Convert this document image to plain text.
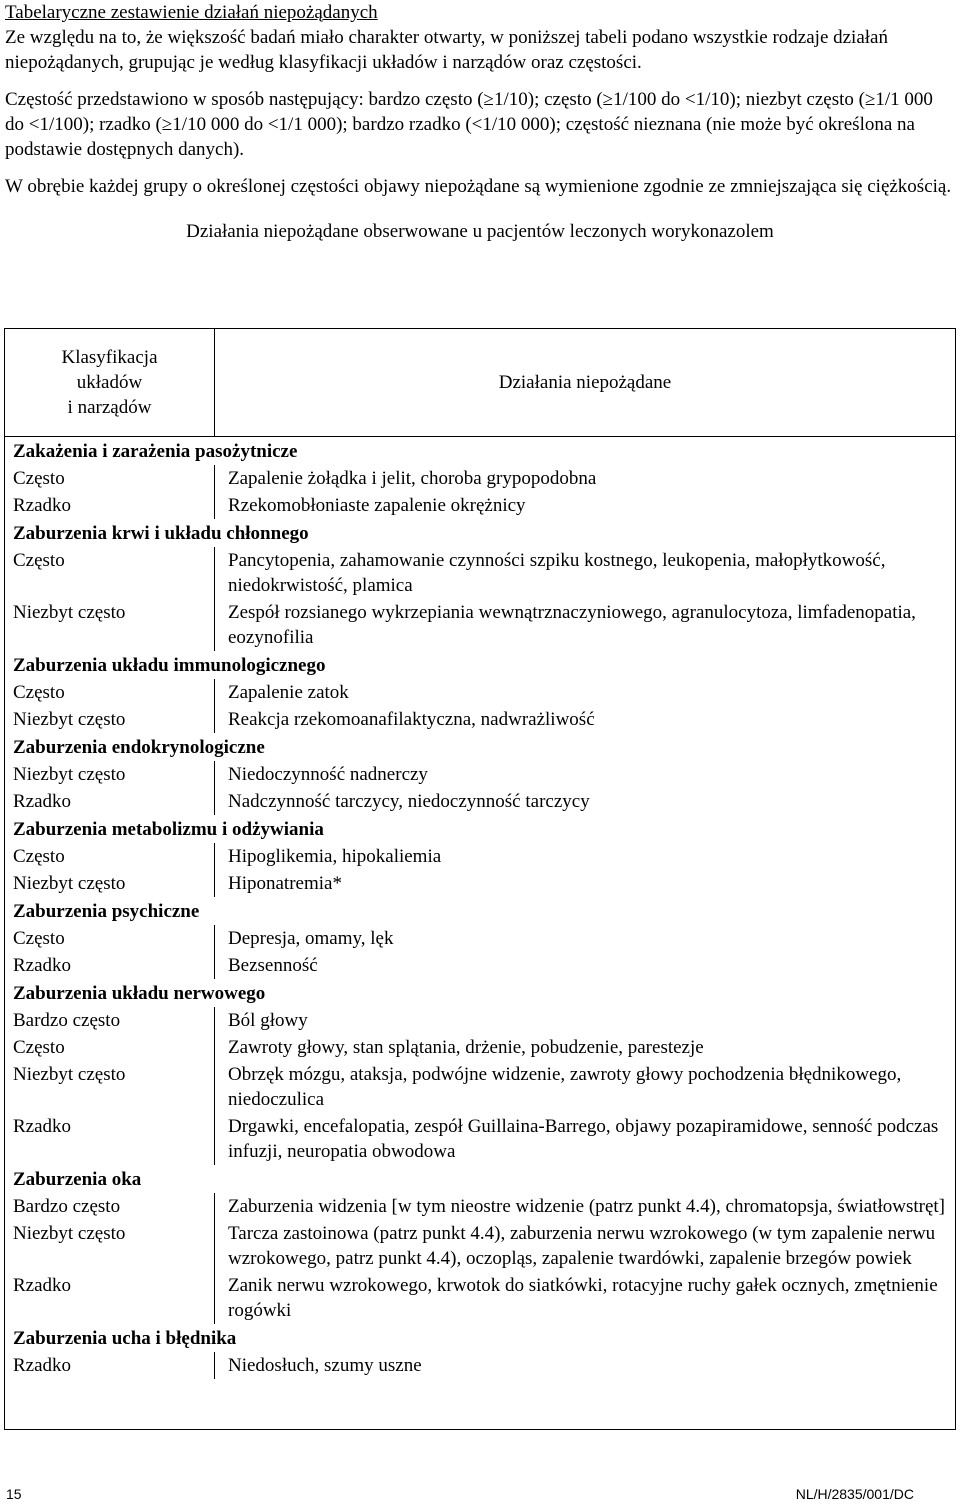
Tabelaryczne zestawienie działań niepożądanych

Ze względu na to, że większość badań miało charakter otwarty, w poniższej tabeli podano wszystkie rodzaje działań niepożądanych, grupując je według klasyfikacji układów i narządów oraz częstości.

Częstość przedstawiono w sposób następujący: bardzo często (≥1/10); często (≥1/100 do <1/10); niezbyt często (≥1/1 000 do <1/100); rzadko (≥1/10 000 do <1/1 000); bardzo rzadko (<1/10 000); częstość nieznana (nie może być określona na podstawie dostępnych danych).

W obrębie każdej grupy o określonej częstości objawy niepożądane są wymienione zgodnie ze zmniejszająca się ciężkością.

Działania niepożądane obserwowane u pacjentów leczonych worykonazolem

Klasyfikacja
układów
i narządów
Działania niepożądane
Zakażenia i zarażenia pasożytnicze
Często	Zapalenie żołądka i jelit, choroba grypopodobna
Rzadko	Rzekomobłoniaste zapalenie okrężnicy
Zaburzenia krwi i układu chłonnego
Często	Pancytopenia, zahamowanie czynności szpiku kostnego, leukopenia, małopłytkowość, niedokrwistość, plamica
Niezbyt często	Zespół rozsianego wykrzepiania wewnątrznaczyniowego, agranulocytoza, limfadenopatia, eozynofilia
Zaburzenia układu immunologicznego
Często	Zapalenie zatok
Niezbyt często	Reakcja rzekomoanafilaktyczna, nadwrażliwość
Zaburzenia endokrynologiczne
Niezbyt często	Niedoczynność nadnerczy
Rzadko	Nadczynność tarczycy, niedoczynność tarczycy
Zaburzenia metabolizmu i odżywiania
Często	Hipoglikemia, hipokaliemia
Niezbyt często	Hiponatremia*
Zaburzenia psychiczne
Często	Depresja, omamy, lęk
Rzadko	Bezsenność
Zaburzenia układu nerwowego
Bardzo często	Ból głowy
Często	Zawroty głowy, stan splątania, drżenie, pobudzenie, parestezje
Niezbyt często	Obrzęk mózgu, ataksja, podwójne widzenie, zawroty głowy pochodzenia błędnikowego, niedoczulica
Rzadko	Drgawki, encefalopatia, zespół Guillaina-Barrego, objawy pozapiramidowe, senność podczas infuzji, neuropatia obwodowa
Zaburzenia oka
Bardzo często	Zaburzenia widzenia [w tym nieostre widzenie (patrz punkt 4.4), chromatopsja, światłowstręt]
Niezbyt często	Tarcza zastoinowa (patrz punkt 4.4), zaburzenia nerwu wzrokowego (w tym zapalenie nerwu wzrokowego, patrz punkt 4.4), oczopląs, zapalenie twardówki, zapalenie brzegów powiek
Rzadko	Zanik nerwu wzrokowego, krwotok do siatkówki, rotacyjne ruchy gałek ocznych, zmętnienie rogówki
Zaburzenia ucha i błędnika
Rzadko	Niedosłuch, szumy uszne
15	NL/H/2835/001/DC
